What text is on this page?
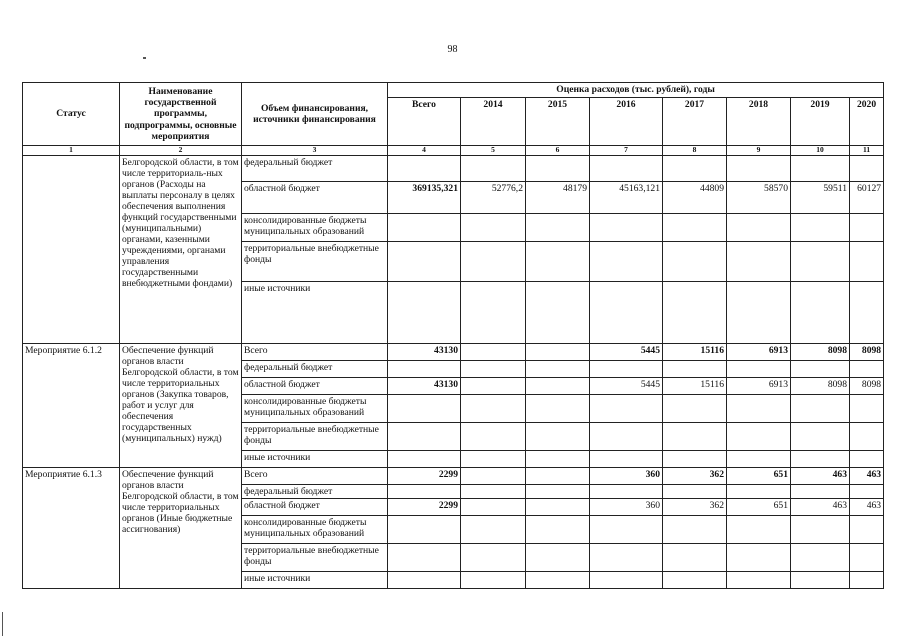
98
Статус	Наименование государственной программы, подпрограммы, основные мероприятия	Объем финансирования, источники финансирования	Оценка расходов (тыс. рублей), годы							
			Всего	2014	2015	2016	2017	2018	2019	2020
1	2	3	4	5	6	7	8	9	10	11
	Белгородской области, в том числе территориаль-ных органов (Расходы на выплаты персоналу в целях обеспечения выполнения функций государственными (муниципальными) органами, казенными учреждениями, органами управления государственными внебюджетными фондами)	федеральный бюджет								
		областной бюджет	369135,321	52776,2	48179	45163,121	44809	58570	59511	60127
		консолидированные бюджеты муниципальных образований								
		территориальные внебюджетные фонды								
		иные источники								
Мероприятие 6.1.2	Обеспечение функций органов власти Белгородской области, в том числе территориальных органов (Закупка товаров, работ и услуг для обеспечения государственных (муниципальных) нужд)	Всего	43130			5445	15116	6913	8098	8098
		федеральный бюджет								
		областной бюджет	43130			5445	15116	6913	8098	8098
		консолидированные бюджеты муниципальных образований								
		территориальные внебюджетные фонды								
		иные источники								
Мероприятие 6.1.3	Обеспечение функций органов власти Белгородской области, в том числе территориальных органов (Иные бюджетные ассигнования)	Всего	2299			360	362	651	463	463
		федеральный бюджет								
		областной бюджет	2299			360	362	651	463	463
		консолидированные бюджеты муниципальных образований								
		территориальные внебюджетные фонды								
		иные источники								
